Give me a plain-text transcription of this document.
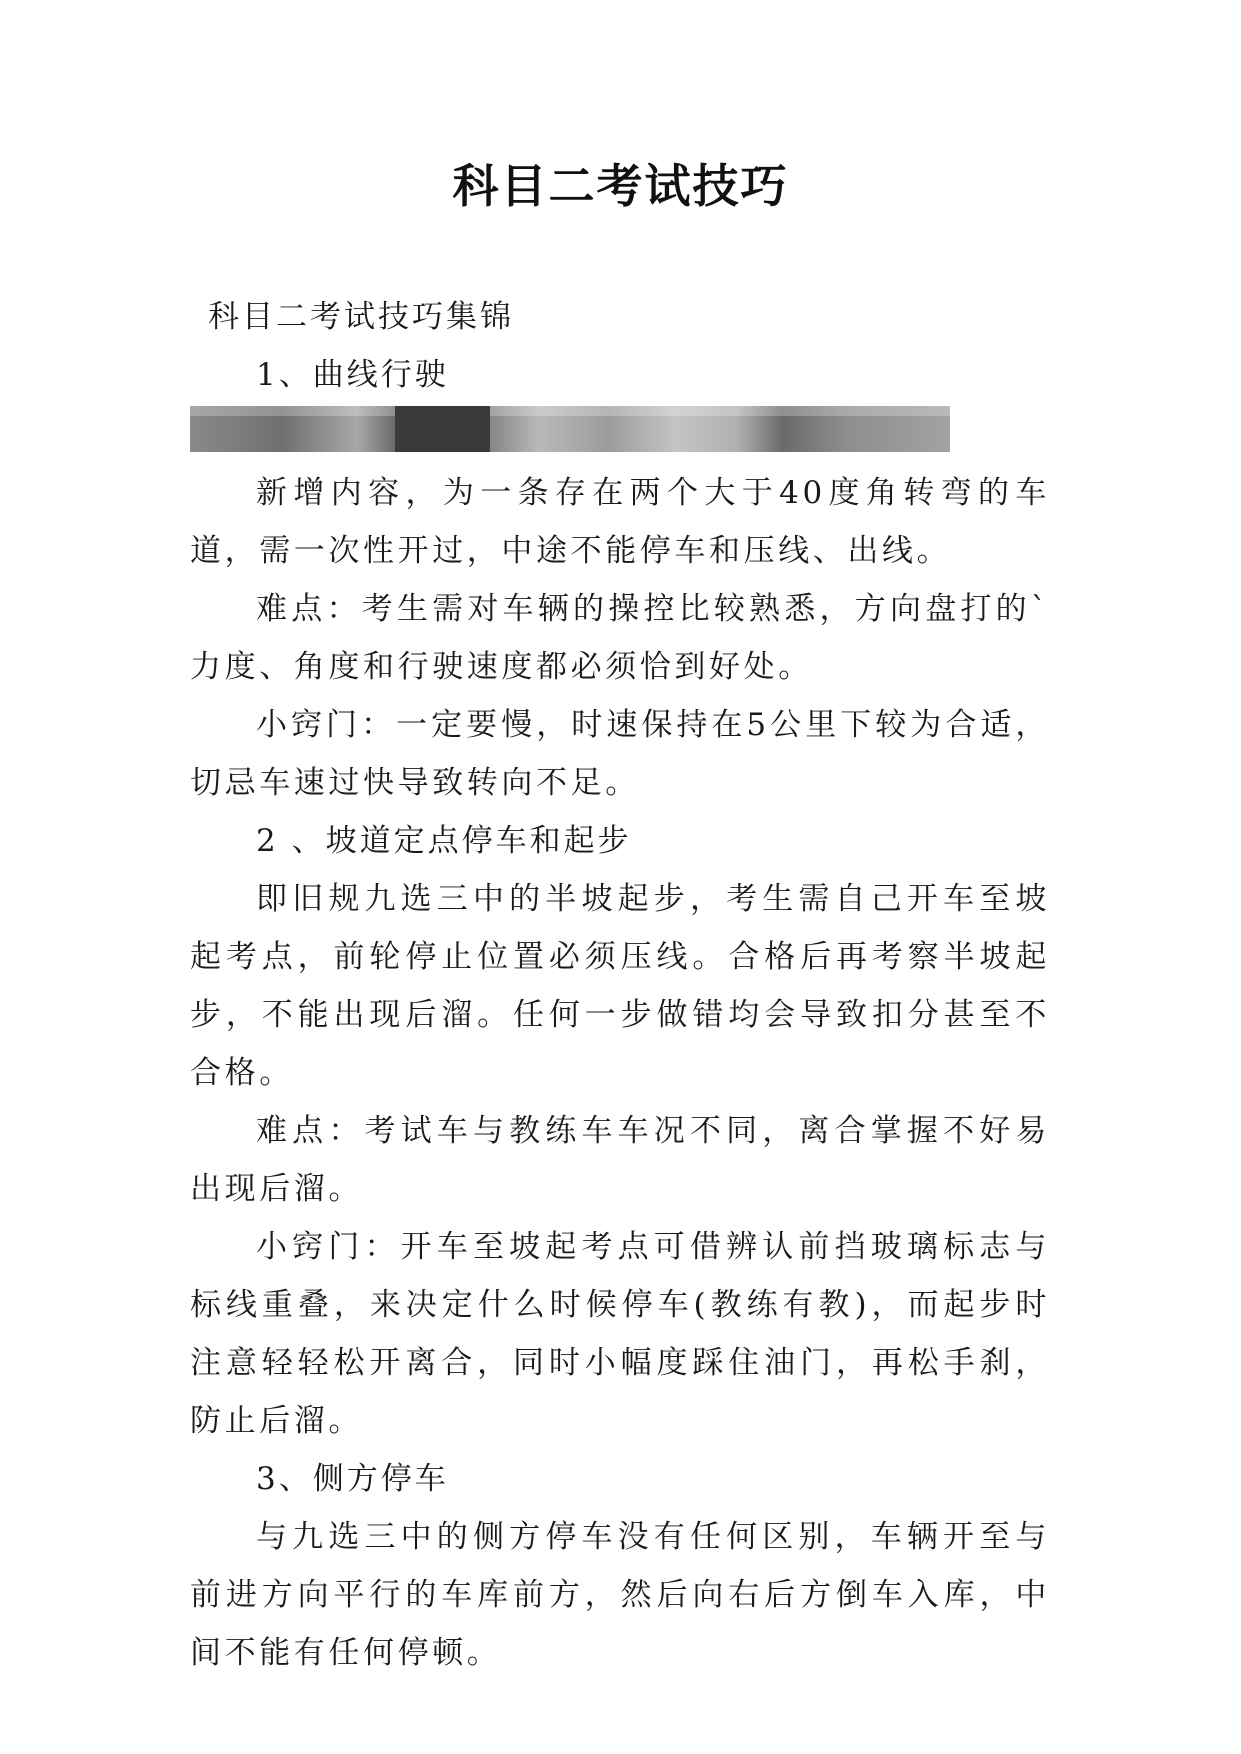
科目二考试技巧

科目二考试技巧集锦

1、曲线行驶

新增内容，为一条存在两个大于40度角转弯的车道，需一次性开过，中途不能停车和压线、出线。

难点：考生需对车辆的操控比较熟悉，方向盘打的`力度、角度和行驶速度都必须恰到好处。

小窍门：一定要慢，时速保持在5公里下较为合适，切忌车速过快导致转向不足。

2 、坡道定点停车和起步

即旧规九选三中的半坡起步，考生需自己开车至坡起考点，前轮停止位置必须压线。合格后再考察半坡起步，不能出现后溜。任何一步做错均会导致扣分甚至不合格。

难点：考试车与教练车车况不同，离合掌握不好易出现后溜。

小窍门：开车至坡起考点可借辨认前挡玻璃标志与标线重叠，来决定什么时候停车(教练有教)，而起步时注意轻轻松开离合，同时小幅度踩住油门，再松手刹，防止后溜。

3、侧方停车

与九选三中的侧方停车没有任何区别，车辆开至与前进方向平行的车库前方，然后向右后方倒车入库，中间不能有任何停顿。
